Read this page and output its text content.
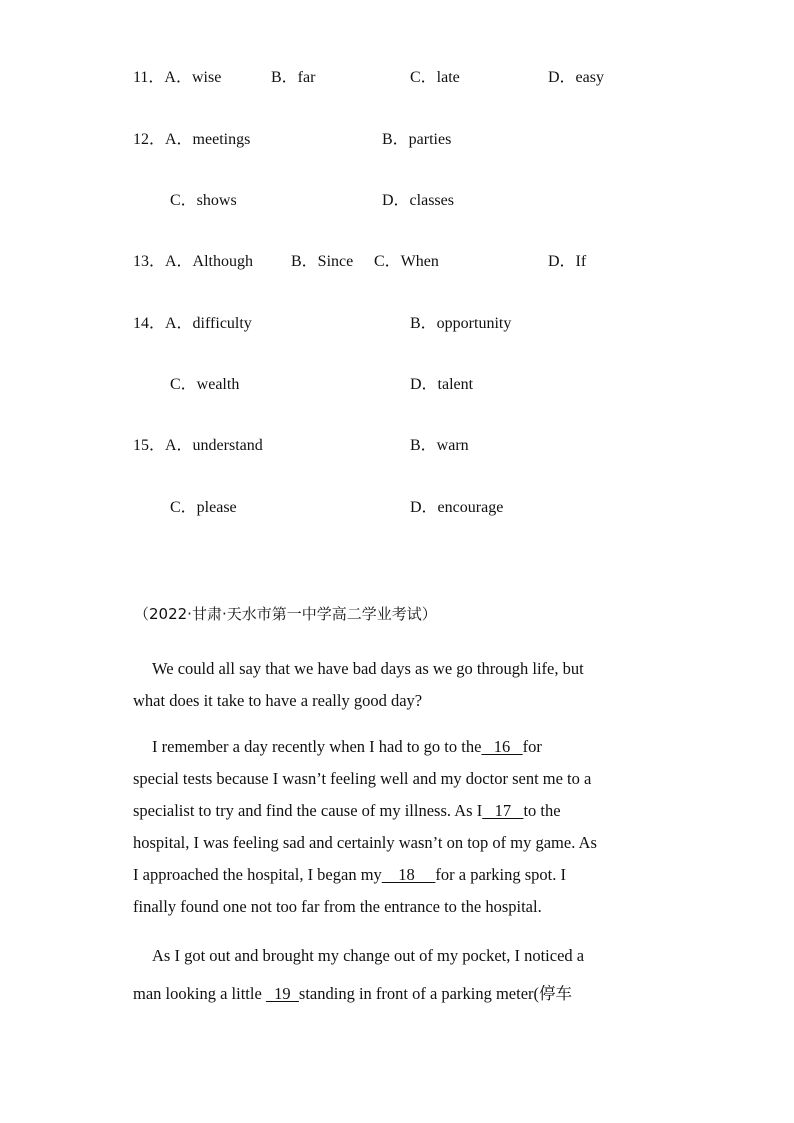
11．A．wise	B．far	C．late	D．easy
12．A．meetings	B．parties
C．shows	D．classes
13．A．Although B．Since C．When	D．If
14．A．difficulty	B．opportunity
C．wealth	D．talent
15．A．understand	B．warn
C．please	D．encourage
（2022·甘肃·天水市第一中学高二学业考试）
We could all say that we have bad days as we go through life, but
what does it take to have a really good day?
I remember a day recently when I had to go to the   16   for
special tests because I wasn’t feeling well and my doctor sent me to a
specialist to try and find the cause of my illness. As I   17   to the
hospital, I was feeling sad and certainly wasn’t on top of my game. As
I approached the hospital, I began my    18     for a parking spot. I
finally found one not too far from the entrance to the hospital.
As I got out and brought my change out of my pocket, I noticed a
man looking a little   19  standing in front of a parking meter(停车
